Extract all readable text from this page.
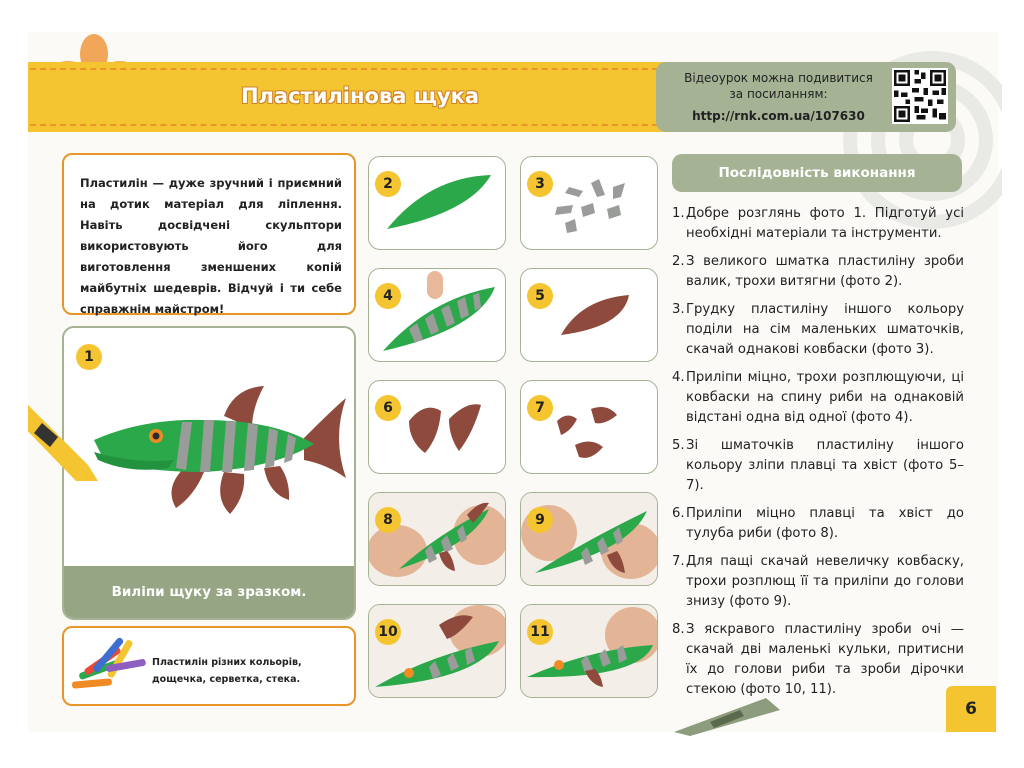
Пластилінова щука
Відеоурок можна подивитися
за посиланням:
http://rnk.com.ua/107630
Пластилін — дуже зручний і приємний на дотик матеріал для ліплення. Навіть досвідчені скульптори використовують його для виготовлення зменшених копій майбутніх шедеврів. Відчуй і ти себе справжнім майстром!
1
Виліпи щуку за зразком.
Пластилін різних кольорів, дощечка, серветка, стека.
2	3
4	5
6	7
8	9
10	11
Послідовність виконання
1. Добре розглянь фото 1. Підготуй усі необхідні матеріали та інструменти.
2. З великого шматка пластиліну зроби валик, трохи витягни (фото 2).
3. Грудку пластиліну іншого кольору поділи на сім маленьких шматочків, скачай однакові ковбаски (фото 3).
4. Приліпи міцно, трохи розплющуючи, ці ковбаски на спину риби на однаковій відстані одна від одної (фото 4).
5. Зі шматочків пластиліну іншого кольору зліпи плавці та хвіст (фото 5–7).
6. Приліпи міцно плавці та хвіст до тулуба риби (фото 8).
7. Для пащі скачай невеличку ковбаску, трохи розплющ її та приліпи до голови знизу (фото 9).
8. З яскравого пластиліну зроби очі — скачай дві маленькі кульки, притисни їх до голови риби та зроби дірочки стекою (фото 10, 11).
6
